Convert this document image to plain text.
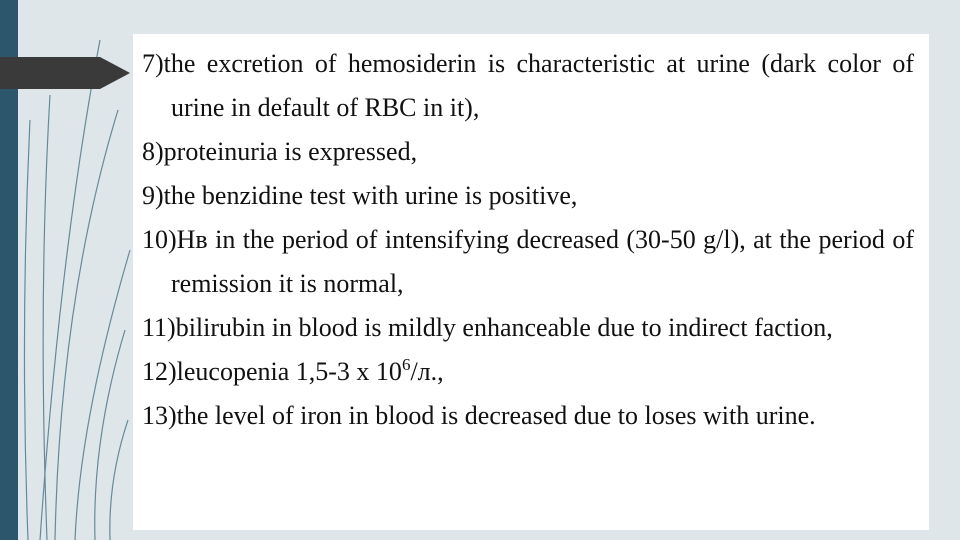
7)the excretion of hemosiderin is characteristic at urine (dark color of urine in default of RBC in it),

8)proteinuria is expressed,

9)the benzidine test with urine is positive,

10)Нв in the period of intensifying decreased (30-50 g/l), at the period of remission it is normal,

11)bilirubin in blood is mildly enhanceable due to indirect faction,

12)leucopenia 1,5-3 х $10^6/л$.,

13)the level of iron in blood is decreased due to loses with urine.
